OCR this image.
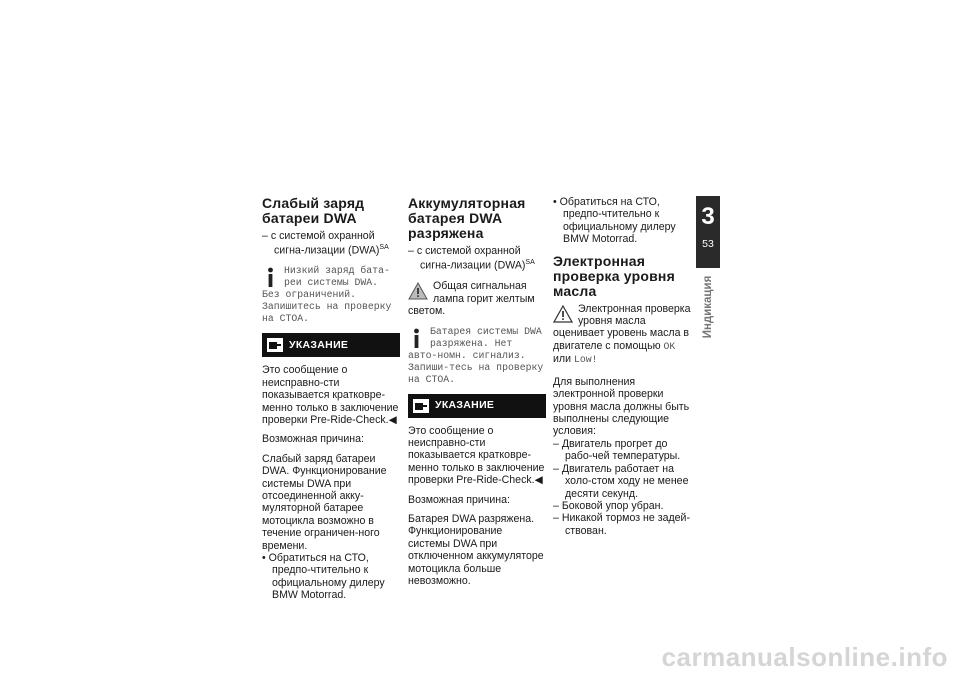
Слабый заряд батареи DWA

– с системой охранной сигна-лизации (DWA)$^{SA}$

Низкий заряд бата-реи системы DWA. Без ограничений. Запишитесь на проверку на СТОА.
УКАЗАНИЕ

Это сообщение о неисправно-сти показывается кратковре-менно только в заключение проверки Pre-Ride-Check.◀

Возможная причина:

Слабый заряд батареи DWA. Функционирование системы DWA при отсоединенной акку-муляторной батарее мотоцикла возможно в течение ограничен-ного времени.

• Обратиться на СТО, предпо-чтительно к официальному дилеру BMW Motorrad.

Аккумуляторная батарея DWA разряжена

– с системой охранной сигна-лизации (DWA)$^{SA}$

Общая сигнальная лампа горит желтым светом.
Батарея системы DWA разряжена. Нет авто-номн. сигнализ. Запиши-тесь на проверку на СТОА.
УКАЗАНИЕ

Это сообщение о неисправно-сти показывается кратковре-менно только в заключение проверки Pre-Ride-Check.◀

Возможная причина:

Батарея DWA разряжена. Функционирование системы DWA при отключенном аккумуляторе мотоцикла больше невозможно.

• Обратиться на СТО, предпо-чтительно к официальному дилеру BMW Motorrad.

Электронная проверка уровня масла
Электронная проверка уровня масла оценивает уровень масла в двигателе с помощью OK или Low!

Для выполнения электронной проверки уровня масла должны быть выполнены следующие условия:

– Двигатель прогрет до рабо-чей температуры.

– Двигатель работает на холо-стом ходу не менее десяти секунд.

– Боковой упор убран.

– Никакой тормоз не задей-ствован.

3
53
Индикация
carmanualsonline.info
